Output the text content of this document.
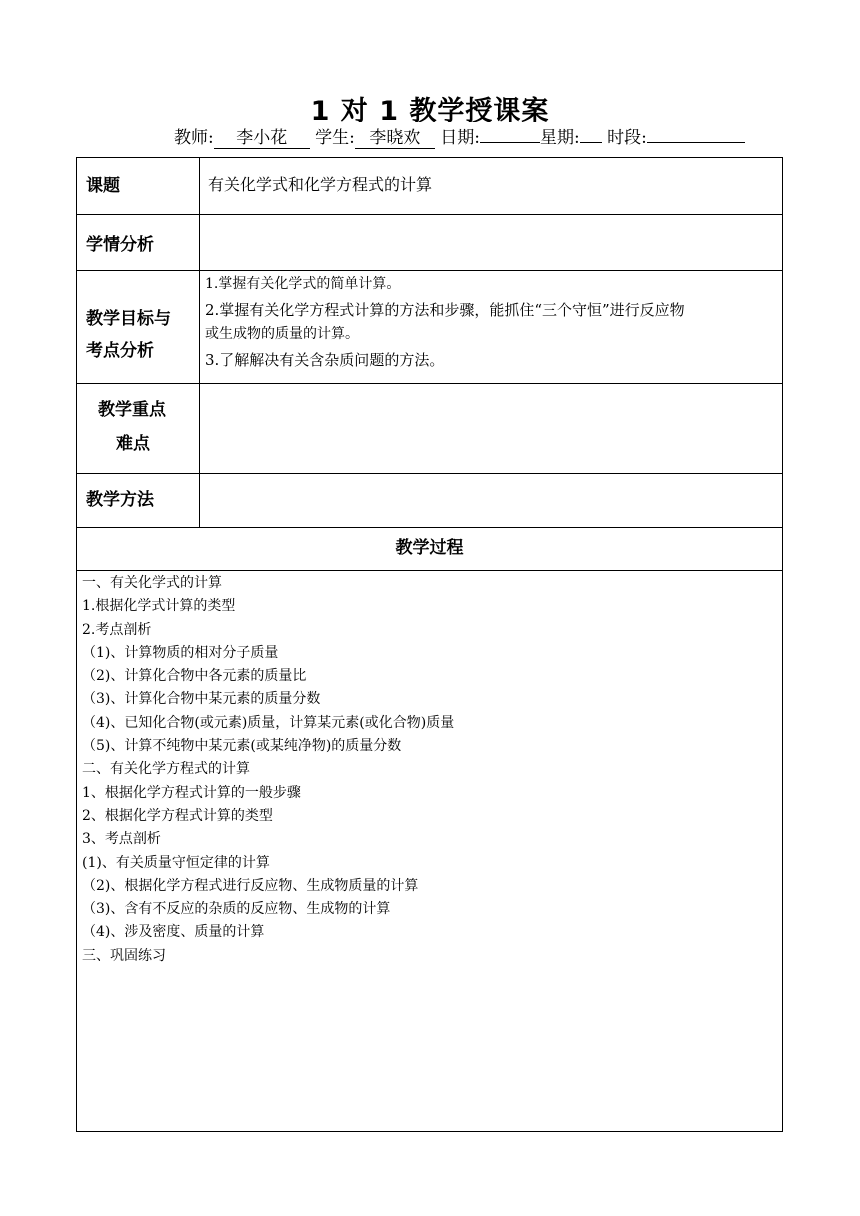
1 对 1 教学授课案
教师: 李小花 学生: 李晓欢 日期:	星期: 时段:
课题	有关化学式和化学方程式的计算
学情分析
教学目标与
考点分析
1.掌握有关化学式的简单计算。
2.掌握有关化学方程式计算的方法和步骤，能抓住“三个守恒”进行反应物
或生成物的质量的计算。
3.了解解决有关含杂质问题的方法。
教学重点
难点
教学方法
教学过程
一、有关化学式的计算
1.根据化学式计算的类型
2.考点剖析
（1)、计算物质的相对分子质量
（2)、计算化合物中各元素的质量比
（3)、计算化合物中某元素的质量分数
（4)、已知化合物(或元素)质量，计算某元素(或化合物)质量
（5)、计算不纯物中某元素(或某纯净物)的质量分数
二、有关化学方程式的计算
1、根据化学方程式计算的一般步骤
2、根据化学方程式计算的类型
3、考点剖析
(1)、有关质量守恒定律的计算
（2)、根据化学方程式进行反应物、生成物质量的计算
（3)、含有不反应的杂质的反应物、生成物的计算
（4)、涉及密度、质量的计算
三、巩固练习
